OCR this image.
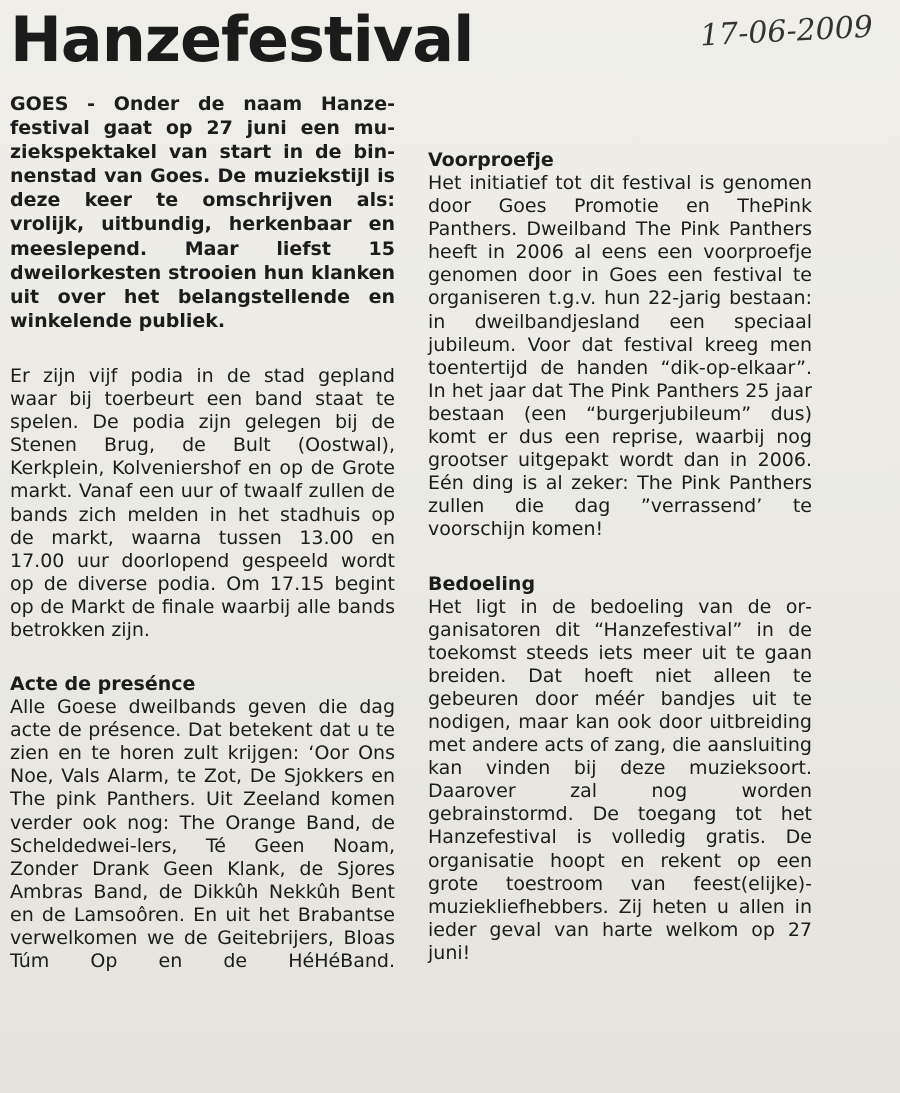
Hanzefestival	17-06-2009

GOES - Onder de naam Hanzefestival gaat op 27 juni een muziekspektakel van start in de binnenstad van Goes. De muziekstijl is deze keer te omschrijven als: vrolijk, uitbundig, herkenbaar en meeslepend. Maar liefst 15 dweilorkesten strooien hun klanken uit over het belangstellende en winkelende publiek.

Er zijn vijf podia in de stad gepland waar bij toerbeurt een band staat te spelen. De podia zijn gelegen bij de Stenen Brug, de Bult (Oostwal), Kerkplein, Kolveniershof en op de Grote markt. Vanaf een uur of twaalf zullen de bands zich melden in het stadhuis op de markt, waarna tussen 13.00 en 17.00 uur doorlopend gespeeld wordt op de diverse podia. Om 17.15 begint op de Markt de finale waarbij alle bands betrokken zijn.

Acte de presénce

Alle Goese dweilbands geven die dag acte de présence. Dat betekent dat u te zien en te horen zult krijgen: ‘Oor Ons Noe, Vals Alarm, te Zot, De Sjokkers en The pink Panthers. Uit Zeeland komen verder ook nog: The Orange Band, de Scheldedwei-lers, Té Geen Noam, Zonder Drank Geen Klank, de Sjores Ambras Band, de Dikkûh Nekkûh Bent en de Lamsoôren. En uit het Brabantse verwelkomen we de Geitebrijers, Bloas Túm Op en de HéHéBand.

Voorproefje

Het initiatief tot dit festival is genomen door Goes Promotie en ThePink Panthers. Dweilband The Pink Panthers heeft in 2006 al eens een voorproefje genomen door in Goes een festival te organiseren t.g.v. hun 22-jarig bestaan: in dweilbandjesland een speciaal jubileum. Voor dat festival kreeg men toentertijd de handen “dik-op-elkaar”. In het jaar dat The Pink Panthers 25 jaar bestaan (een “burgerjubileum” dus) komt er dus een reprise, waarbij nog grootser uitgepakt wordt dan in 2006. Eén ding is al zeker: The Pink Panthers zullen die dag ”verrassend’ te voorschijn komen!

Bedoeling

Het ligt in de bedoeling van de organisatoren dit “Hanzefestival” in de toekomst steeds iets meer uit te gaan breiden. Dat hoeft niet alleen te gebeuren door méér bandjes uit te nodigen, maar kan ook door uitbreiding met andere acts of zang, die aansluiting kan vinden bij deze muzieksoort. Daarover zal nog worden gebrainstormd. De toegang tot het Hanzefestival is volledig gratis. De organisatie hoopt en rekent op een grote toestroom van feest(elijke)-muziekliefhebbers. Zij heten u allen in ieder geval van harte welkom op 27 juni!
